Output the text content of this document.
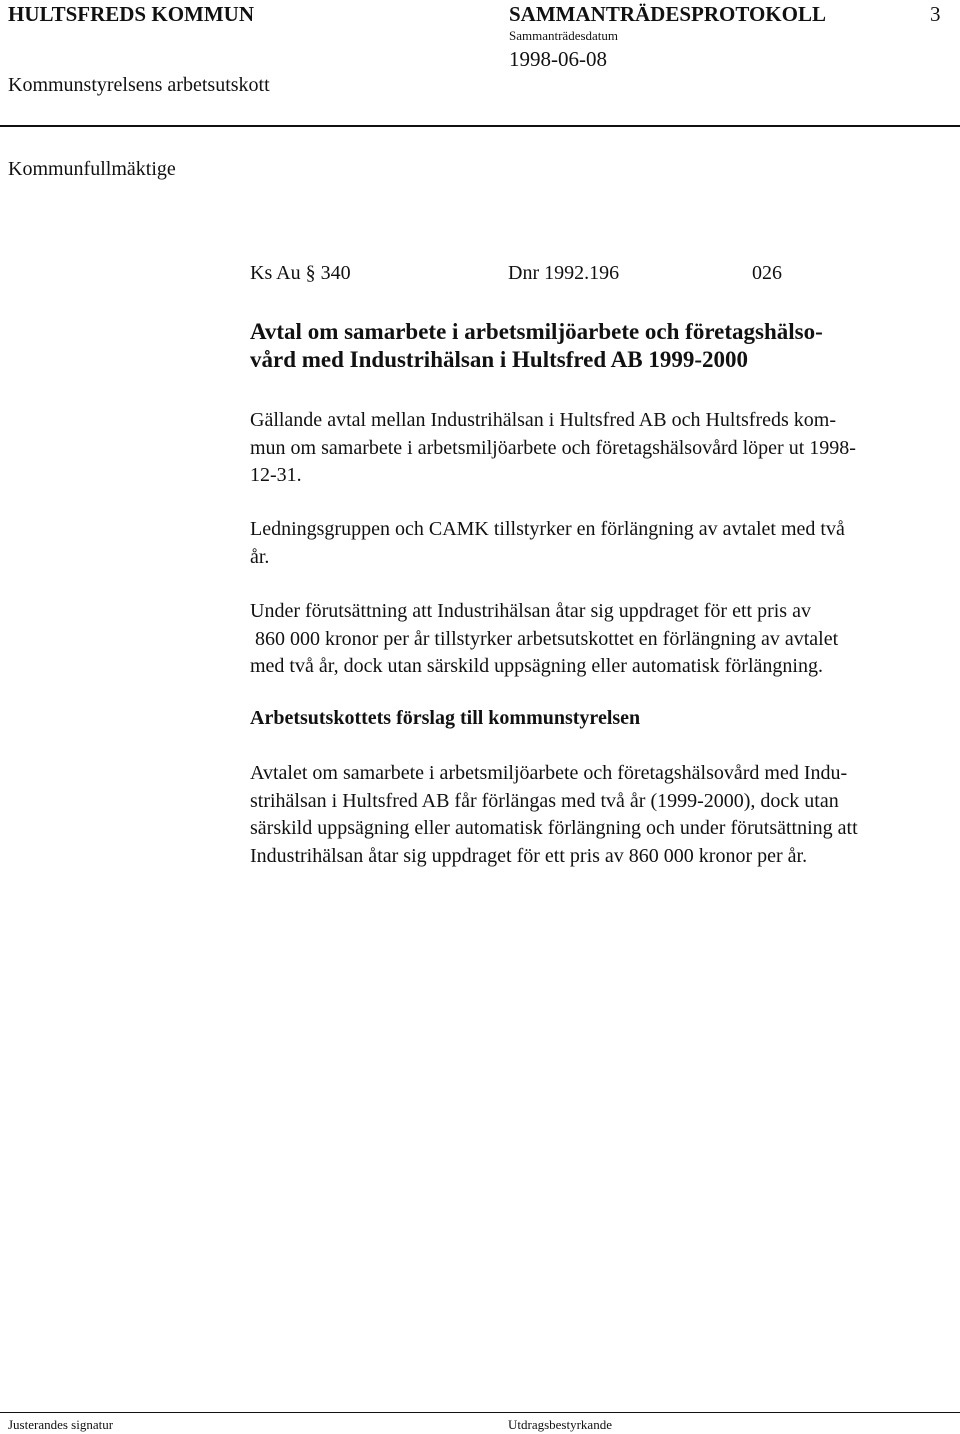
HULTSFREDS KOMMUN	SAMMANTRÄDESPROTOKOLL	3
Sammanträdesdatum
1998-06-08
Kommunstyrelsens arbetsutskott
Kommunfullmäktige
Ks Au § 340	Dnr 1992.196	026
Avtal om samarbete i arbetsmiljöarbete och företagshälso-
vård med Industrihälsan i Hultsfred AB 1999-2000
Gällande avtal mellan Industrihälsan i Hultsfred AB och Hultsfreds kom-
mun om samarbete i arbetsmiljöarbete och företagshälsovård löper ut 1998-
12-31.
Ledningsgruppen och CAMK tillstyrker en förlängning av avtalet med två
år.
Under förutsättning att Industrihälsan åtar sig uppdraget för ett pris av
860 000 kronor per år tillstyrker arbetsutskottet en förlängning av avtalet
med två år, dock utan särskild uppsägning eller automatisk förlängning.
Arbetsutskottets förslag till kommunstyrelsen
Avtalet om samarbete i arbetsmiljöarbete och företagshälsovård med Indu-
strihälsan i Hultsfred AB får förlängas med två år (1999-2000), dock utan
särskild uppsägning eller automatisk förlängning och under förutsättning att
Industrihälsan åtar sig uppdraget för ett pris av 860 000 kronor per år.
Justerandes signatur	Utdragsbestyrkande
